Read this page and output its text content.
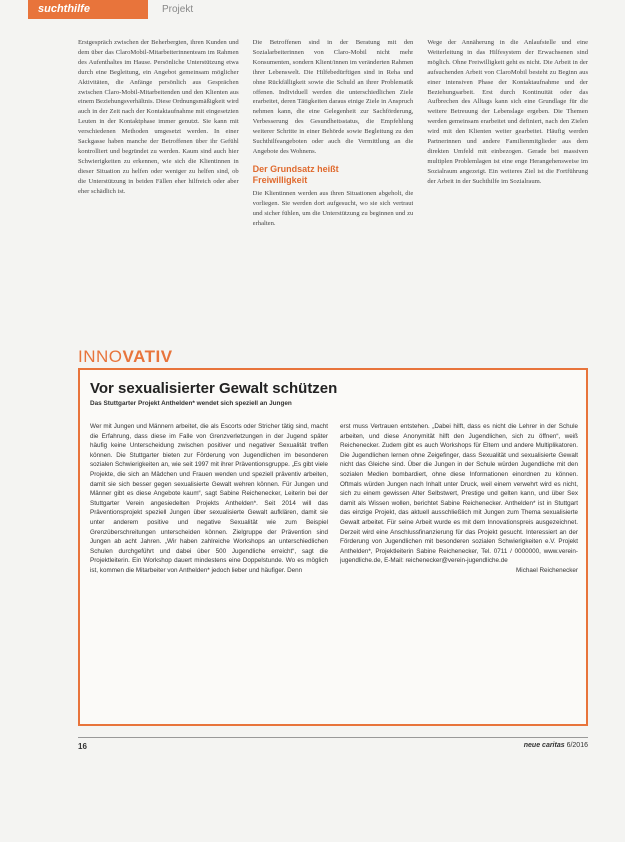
suchthilfe	Projekt

Erstgespräch zwischen der Beherbergten, ihren Kunden und dem über das ClaroMobil-Mitarbeiterinnenteam im Rahmen des Aufenthaltes im Hause. Persönliche Unterstützung etwa durch eine Begleitung, ein Angebot gemeinsam möglicher Aktivitäten, die Anfänge persönlich aus Gesprächen zwischen Claro-Mobil-Mitarbeitenden und den Klienten aus einem Beziehungsverhältnis. Diese Ordnungsmäßigkeit wird auch in der Zeit nach der Kontaktaufnahme mit eingesetzten Leuten in der Kontaktphase immer genutzt. Sie kann mit verschiedenen Methoden umgesetzt werden. In einer Sackgasse haben manche der Betroffenen über ihr Gefühl kontrolliert und begründet zu werden. Kaum sind auch hier Schwierigkeiten zu erkennen, wie sich die Klientinnen in dieser Situation zu helfen oder weniger zu helfen sind, ob die Unterstützung in beiden Fällen eher hilfreich oder aber eher schädlich ist.

Die Betroffenen sind in der Beratung mit den Sozialarbeiterinnen von Claro-Mobil nicht mehr Konsumenten, sondern Klient/innen im veränderten Rahmen ihrer Lebenswelt. Die Hilfebedürftigen sind in Reha und ohne Rückfälligkeit sowie die Schuld an ihrer Problematik offenen. Individuell werden die unterschiedlichen Ziele erarbeitet, deren Tätigkeiten daraus einige Ziele in Anspruch nehmen kann, die eine Gelegenheit zur Sachförderung, Verbesserung des Gesundheitsstatus, die Empfehlung weiterer Schritte in einer Behörde sowie Begleitung zu den Suchthilfeangeboten oder auch die Vermittlung an die Angebote des Wohnens.

Der Grundsatz heißt
Freiwilligkeit

Die Klientinnen werden aus ihren Situationen abgeholt, die vorliegen. Sie werden dort aufgesucht, wo sie sich vertraut und sicher fühlen, um die Unterstützung zu beginnen und zu erhalten.

Wege der Annäherung in die Anlaufstelle und eine Weiterleitung in das Hilfesystem der Erwachsenen sind möglich. Ohne Freiwilligkeit geht es nicht. Die Arbeit in der aufsuchenden Arbeit von ClaroMobil besteht zu Beginn aus einer intensiven Phase der Kontaktaufnahme und der Beziehungsarbeit. Erst durch Kontinuität oder das Aufbrechen des Alltags kann sich eine Grundlage für die weitere Betreuung der Lebenslage ergeben. Die Themen werden gemeinsam erarbeitet und definiert, nach den Zielen wird mit den Klienten weiter gearbeitet. Häufig werden Partnerinnen und andere Familienmitglieder aus dem direkten Umfeld mit einbezogen. Gerade bei massiven multiplen Problemlagen ist eine enge Herangehensweise im Sozialraum angezeigt. Ein weiteres Ziel ist die Fortführung der Arbeit in der Suchthilfe im Sozialraum.

INNOVATIV
Vor sexualisierter Gewalt schützen
Das Stuttgarter Projekt Anthelden* wendet sich speziell an Jungen

Wer mit Jungen und Männern arbeitet, die als Escorts oder Stricher tätig sind, macht die Erfahrung, dass diese im Falle von Grenzverletzungen in der Jugend später häufig keine Unterscheidung zwischen positiver und negativer Sexualität treffen können. Die Stuttgarter bieten zur Förderung von Jugendlichen im besonderen sozialen Schwierigkeiten an, wie seit 1997 mit ihrer Präventionsgruppe. „Es gibt viele Projekte, die sich an Mädchen und Frauen wenden und speziell präventiv arbeiten, damit sie sich besser gegen sexualisierte Gewalt wehren können. Für Jungen und Männer gibt es diese Angebote kaum“, sagt Sabine Reichenecker, Leiterin bei der Stuttgarter Verein angesiedelten Projekts Anthelden*. Seit 2014 will das Präventionsprojekt speziell Jungen über sexualisierte Gewalt aufklären, damit sie unter anderem positive und negative Sexualität wie zum Beispiel Grenzüberschreitungen unterscheiden können. Zielgruppe der Prävention sind Jungen ab acht Jahren. „Wir haben zahlreiche Workshops an unterschiedlichen Schulen durchgeführt und dabei über 500 Jugendliche erreicht“, sagt die Projektleiterin. Ein Workshop dauert mindestens eine Doppelstunde. Wo es möglich ist, kommen die Mitarbeiter von Anthelden* jedoch lieber und häufiger. Denn

erst muss Vertrauen entstehen. „Dabei hilft, dass es nicht die Lehrer in der Schule arbeiten, und diese Anonymität hilft den Jugendlichen, sich zu öffnen“, weiß Reichenecker. Zudem gibt es auch Workshops für Eltern und andere Multiplikatoren. Die Jugendlichen lernen ohne Zeigefinger, dass Sexualität und sexualisierte Gewalt nicht das Gleiche sind. Über die Jungen in der Schule würden Jugendliche mit den sozialen Medien bombardiert, ohne diese Informationen einordnen zu können. Oftmals würden Jungen nach Inhalt unter Druck, weil einem verwehrt wird es nicht, sich zu einem gewissen Alter Selbstwert, Prestige und gelten kann, und über Sex damit als Wissen wollen, berichtet Sabine Reichenecker. Anthelden* ist in Stuttgart das einzige Projekt, das aktuell ausschließlich mit Jungen zum Thema sexualisierte Gewalt arbeitet. Für seine Arbeit wurde es mit dem Innovationspreis ausgezeichnet. Derzeit wird eine Anschlussfinanzierung für das Projekt gesucht. Interessiert an der Förderung von Jugendlichen mit besonderen sozialen Schwierigkeiten e.V. Projekt Anthelden*, Projektleiterin Sabine Reichenecker, Tel. 0711 / 0000000, www.verein-jugendliche.de, E-Mail: reichenecker@verein-jugendliche.de

Michael Reichenecker

16	neue caritas 6/2016
